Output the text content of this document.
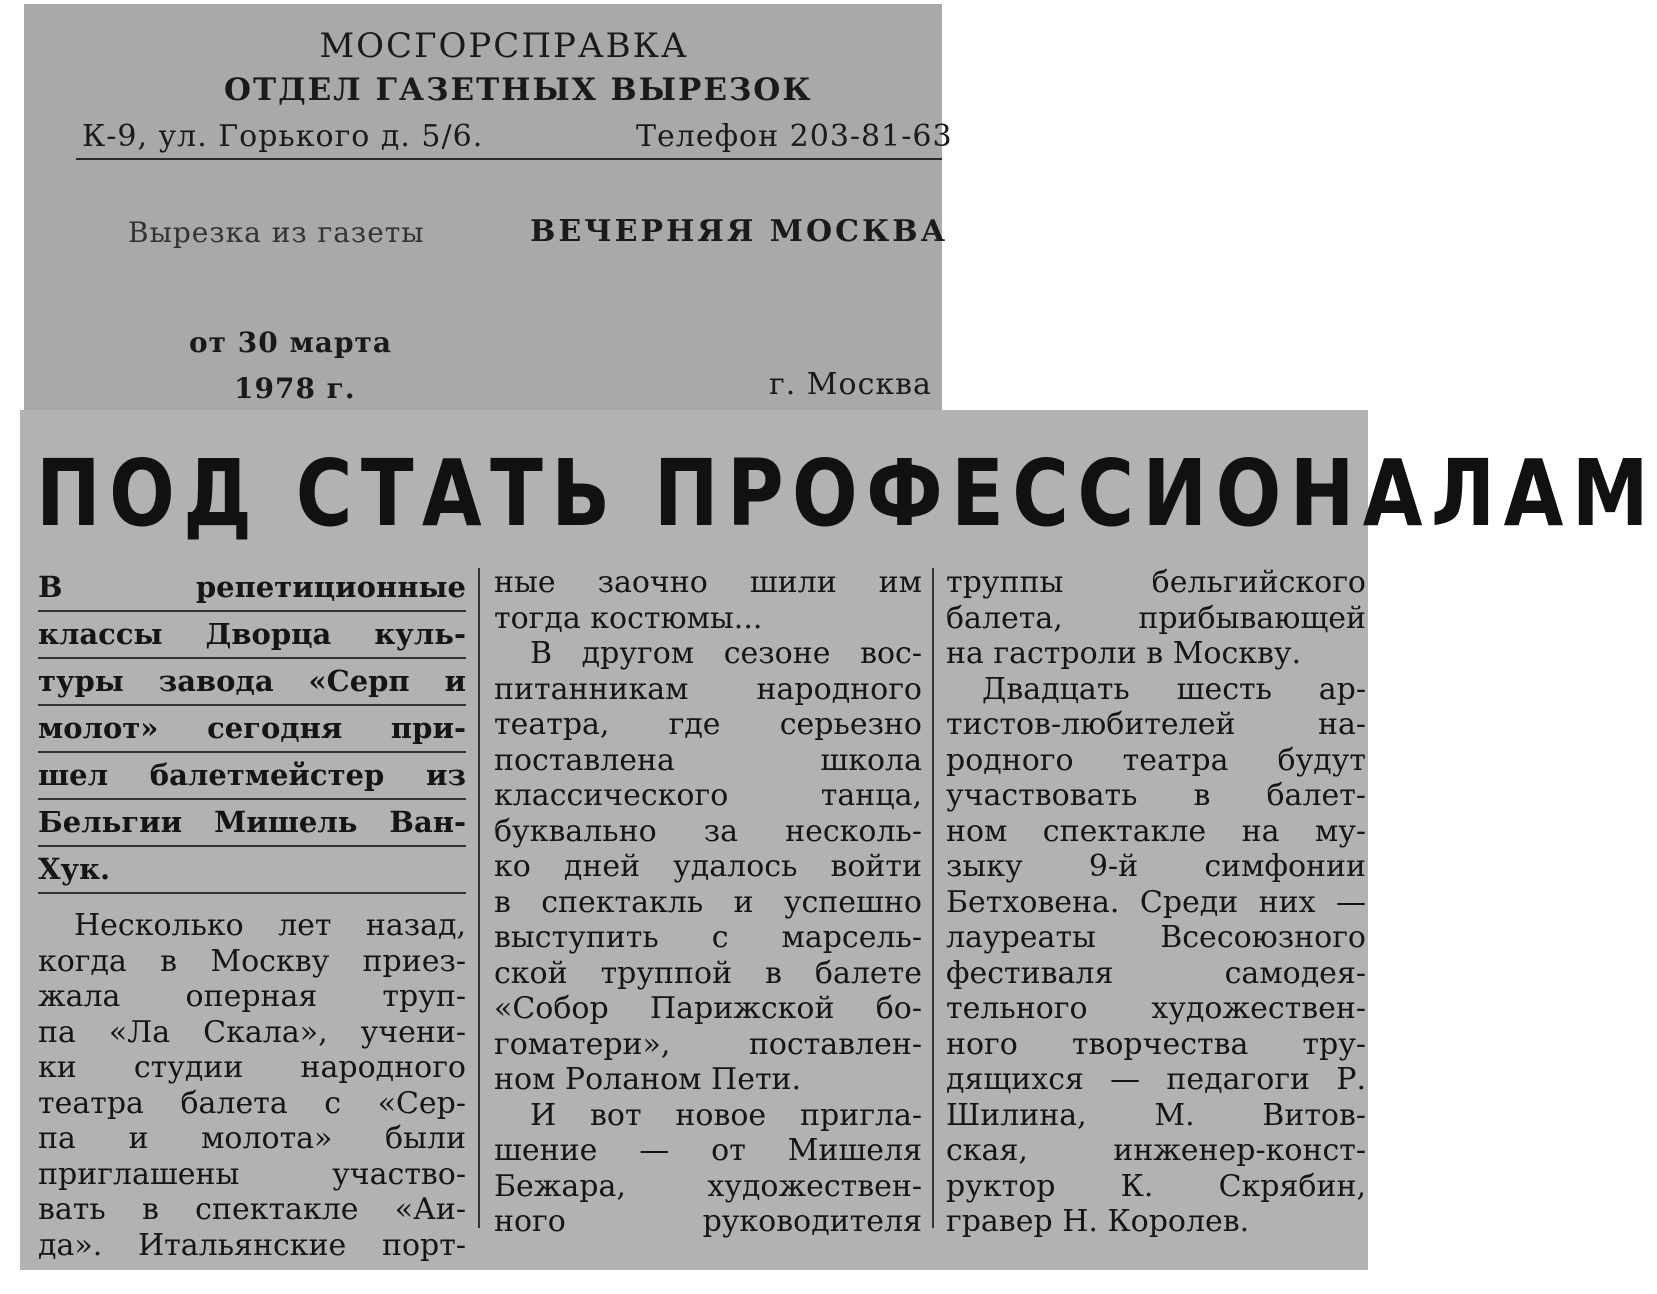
МОСГОРСПРАВКА
ОТДЕЛ ГАЗЕТНЫХ ВЫРЕЗОК
К-9, ул. Горького д. 5/6.	Телефон 203-81-63
Вырезка из газеты	ВЕЧЕРНЯЯ МОСКВА
от 30 марта
1978 г.	г. Москва
ПОД СТАТЬ ПРОФЕССИОНАЛАМ

В репетиционные
классы Дворца куль-
туры завода «Серп и
молот» сегодня при-
шел балетмейстер из
Бельгии Мишель Ван-
Хук.

Несколько лет назад,
когда в Москву приез-
жала оперная труп-
па «Ла Скала», учени-
ки студии народного
театра балета с «Сер-
па и молота» были
приглашены участво-
вать в спектакле «Аи-
да». Итальянские порт-

ные заочно шили им
тогда костюмы...

В другом сезоне вос-
питанникам народного
театра, где серьезно
поставлена школа
классического танца,
буквально за несколь-
ко дней удалось войти
в спектакль и успешно
выступить с марсель-
ской труппой в балете
«Собор Парижской бо-
гоматери», поставлен-
ном Роланом Пети.

И вот новое пригла-
шение — от Мишеля
Бежара, художествен-
ного руководителя

труппы бельгийского
балета, прибывающей
на гастроли в Москву.

Двадцать шесть ар-
тистов-любителей на-
родного театра будут
участвовать в балет-
ном спектакле на му-
зыку 9-й симфонии
Бетховена. Среди них —
лауреаты Всесоюзного
фестиваля самодея-
тельного художествен-
ного творчества тру-
дящихся — педагоги Р.
Шилина, М. Витов-
ская, инженер-конст-
руктор К. Скрябин,
гравер Н. Королев.
